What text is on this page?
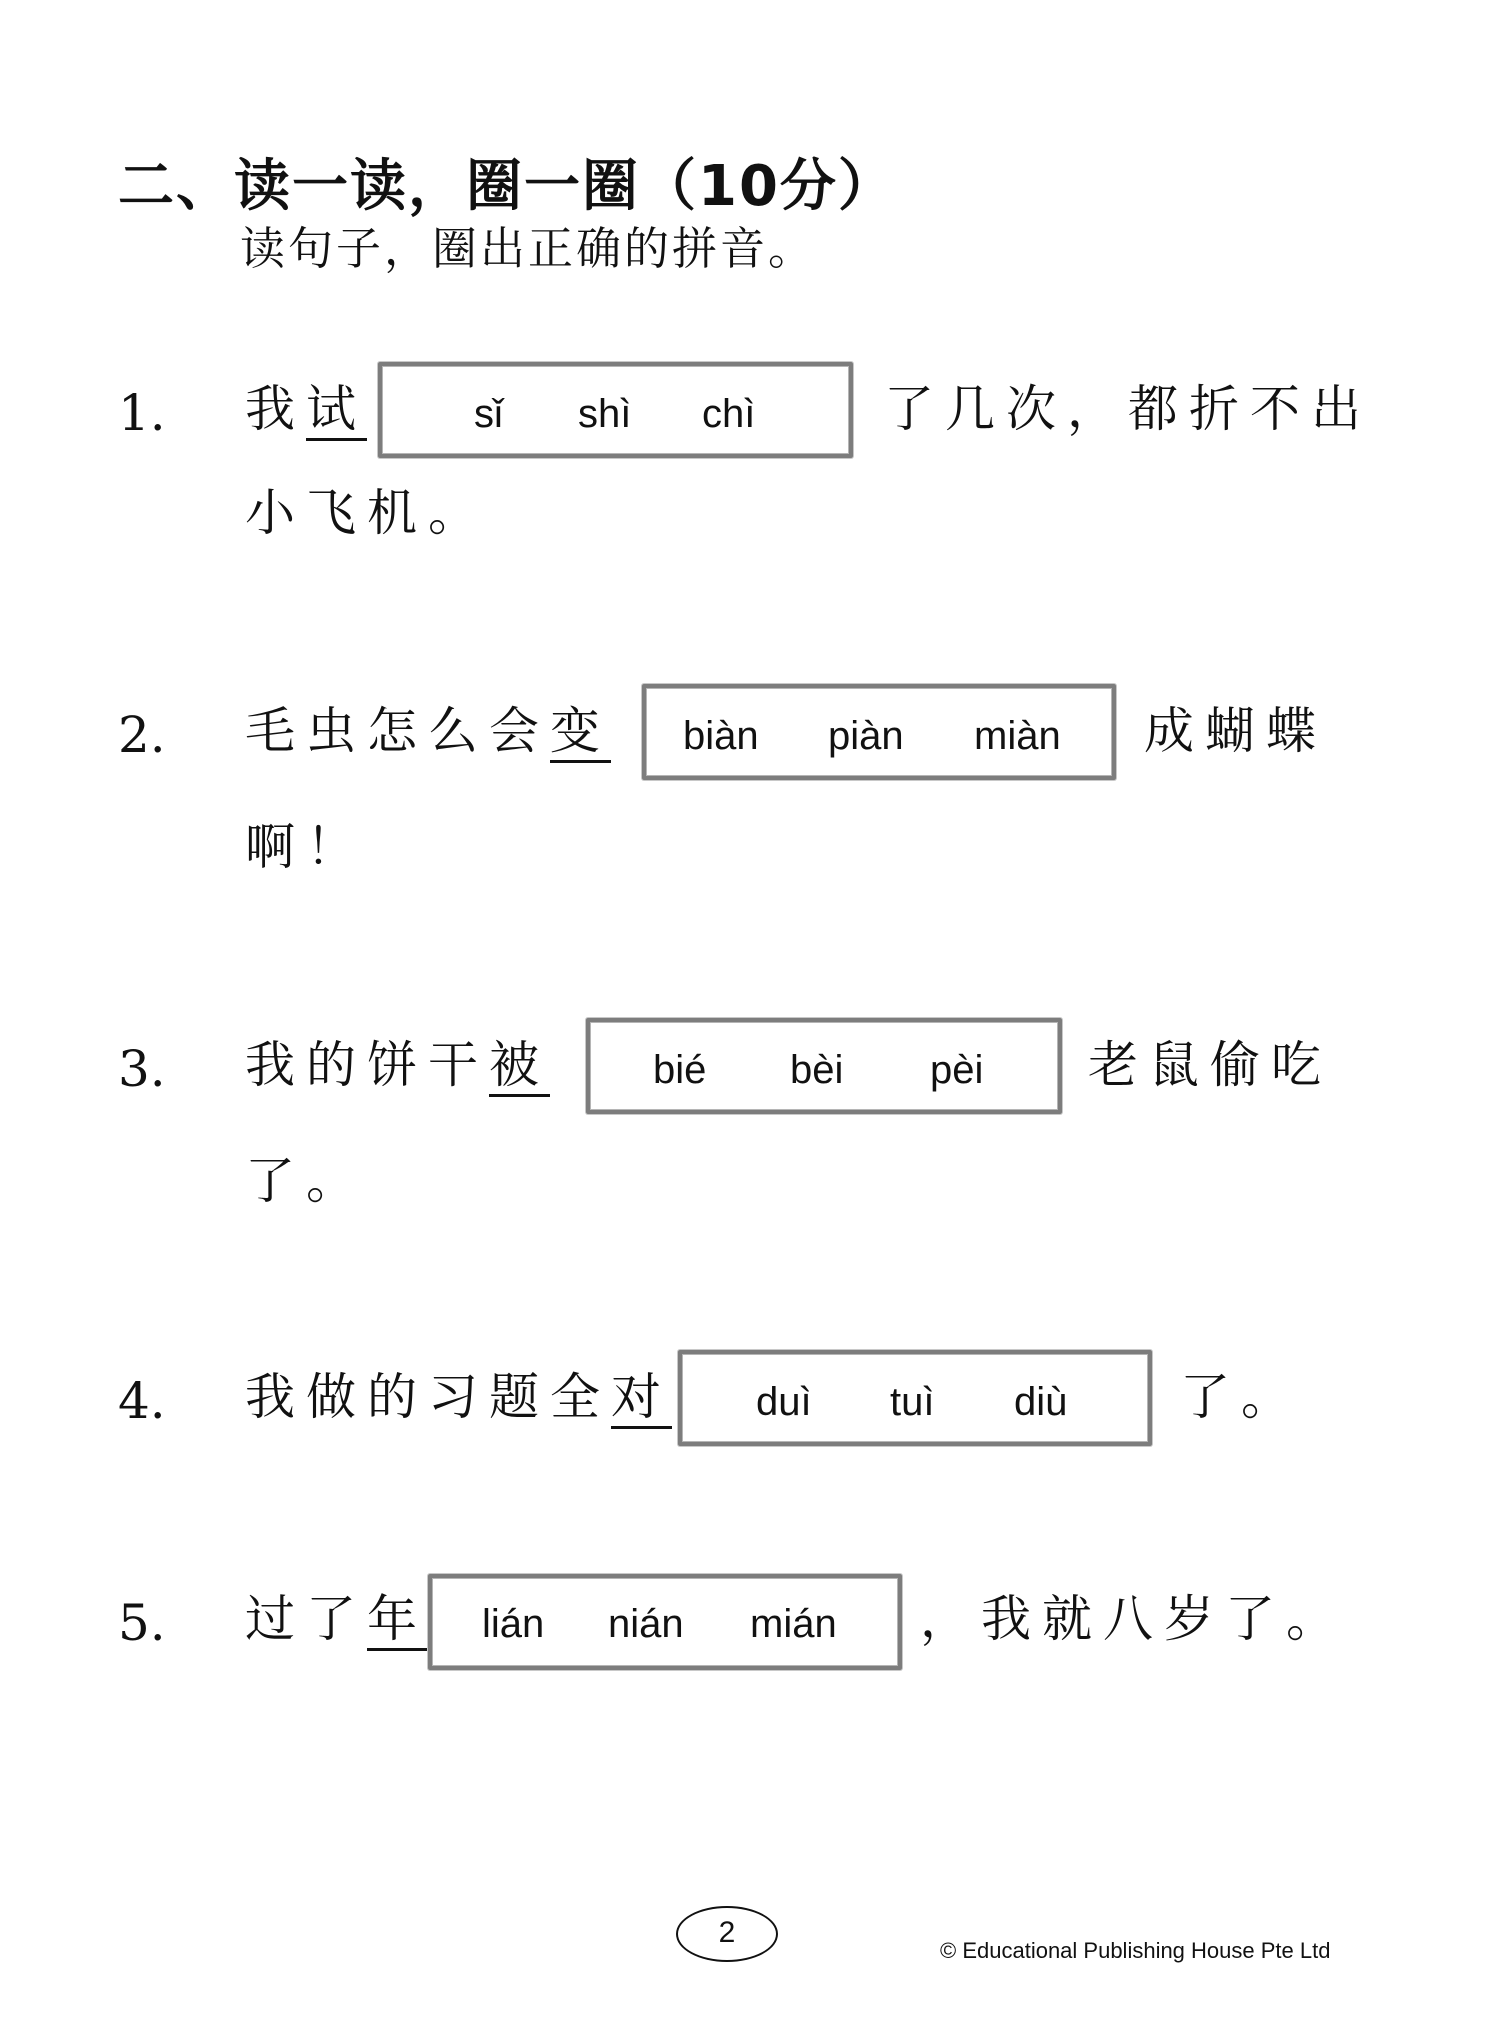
二、读一读，圈一圈（10分）
读句子，圈出正确的拼音。
1. 我试	sǐ shì chì	了几次，都折不出
小飞机。
2. 毛虫怎么会变 biàn piàn miàn 成蝴蝶
啊！
3. 我的饼干被	bié bèi pèi 老鼠偷吃
了。
4. 我做的习题全对 duì tuì diù 了。
5. 过了年 lián nián mián ，我就八岁了。
2
© Educational Publishing House Pte Ltd
